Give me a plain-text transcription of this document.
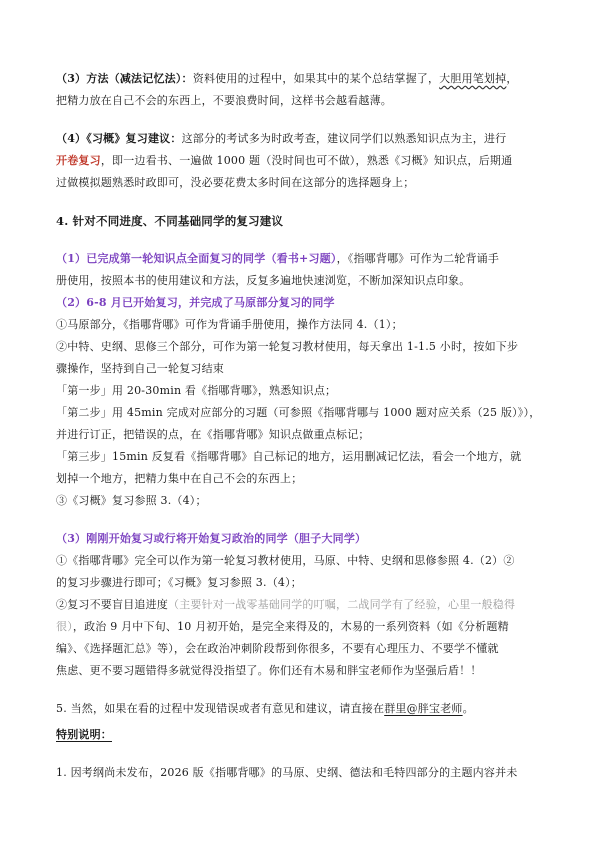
（3）方法（减法记忆法）：资料使用的过程中，如果其中的某个总结掌握了，大胆用笔划掉，
把精力放在自己不会的东西上，不要浪费时间，这样书会越看越薄。
（4）《习概》复习建议：这部分的考试多为时政考查，建议同学们以熟悉知识点为主，进行
开卷复习，即一边看书、一遍做 1000 题（没时间也可不做），熟悉《习概》知识点，后期通
过做模拟题熟悉时政即可，没必要花费太多时间在这部分的选择题身上；
4. 针对不同进度、不同基础同学的复习建议
（1）已完成第一轮知识点全面复习的同学（看书+习题），《指哪背哪》可作为二轮背诵手
册使用，按照本书的使用建议和方法，反复多遍地快速浏览，不断加深知识点印象。
（2）6-8 月已开始复习，并完成了马原部分复习的同学
①马原部分，《指哪背哪》可作为背诵手册使用，操作方法同 4.（1）；
②中特、史纲、思修三个部分，可作为第一轮复习教材使用，每天拿出 1-1.5 小时，按如下步
骤操作，坚持到自己一轮复习结束
「第一步」用 20-30min 看《指哪背哪》，熟悉知识点；
「第二步」用 45min 完成对应部分的习题（可参照《指哪背哪与 1000 题对应关系（25 版）》），
并进行订正，把错误的点，在《指哪背哪》知识点做重点标记；
「第三步」15min 反复看《指哪背哪》自己标记的地方，运用删减记忆法，看会一个地方，就
划掉一个地方，把精力集中在自己不会的东西上；
③《习概》复习参照 3.（4）；
（3）刚刚开始复习或行将开始复习政治的同学（胆子大同学）
①《指哪背哪》完全可以作为第一轮复习教材使用，马原、中特、史纲和思修参照 4.（2）②
的复习步骤进行即可；《习概》复习参照 3.（4）；
②复习不要盲目追进度（主要针对一战零基础同学的叮嘱，二战同学有了经验，心里一般稳得
很），政治 9 月中下旬、10 月初开始，是完全来得及的，木易的一系列资料（如《分析题精
编》、《选择题汇总》等），会在政治冲刺阶段帮到你很多，不要有心理压力、不要学不懂就
焦虑、更不要习题错得多就觉得没指望了。你们还有木易和胖宝老师作为坚强后盾！！
5. 当然，如果在看的过程中发现错误或者有意见和建议，请直接在群里@胖宝老师。
特别说明：
1. 因考纲尚未发布，2026 版《指哪背哪》的马原、史纲、德法和毛特四部分的主题内容并未
